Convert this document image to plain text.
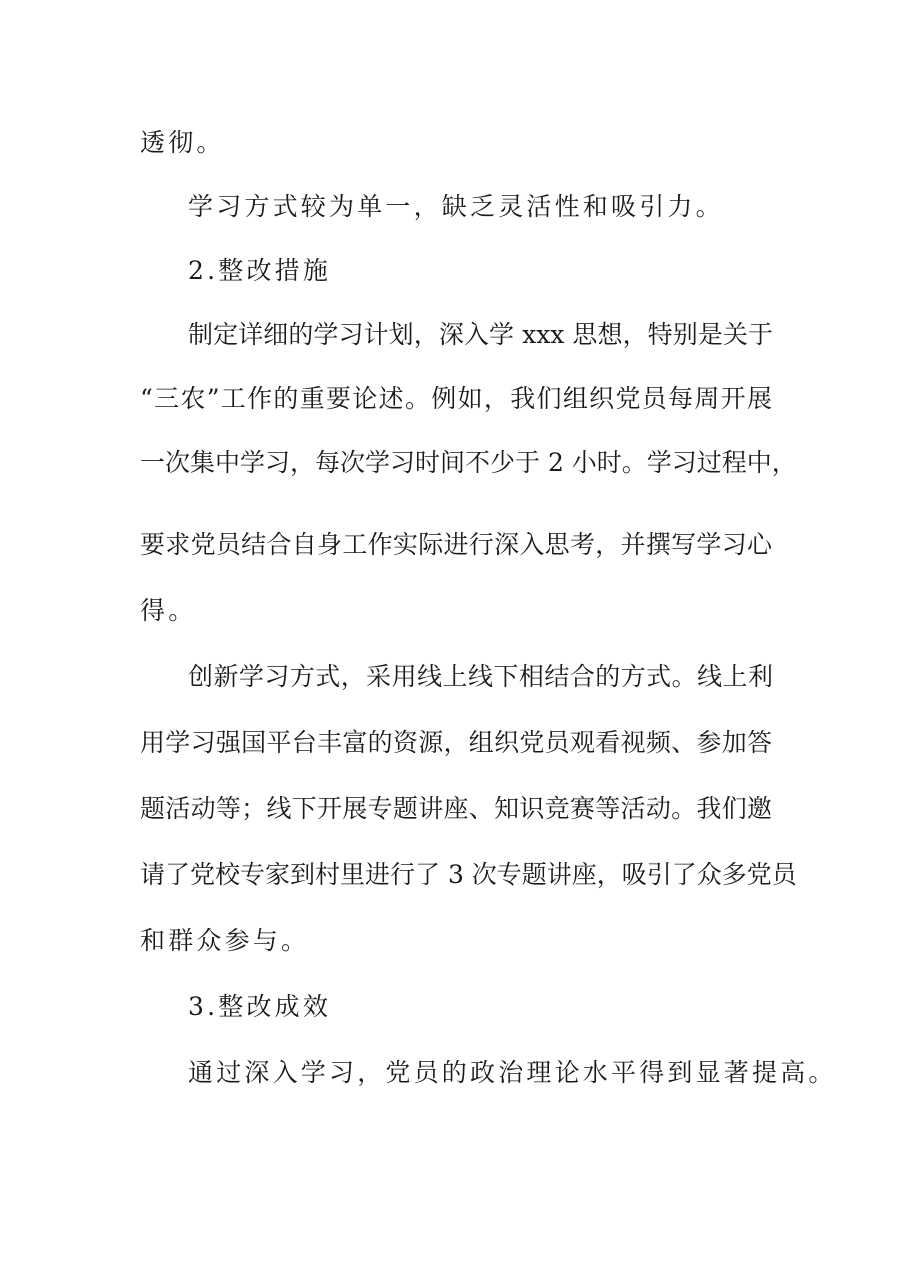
透彻。

学习方式较为单一，缺乏灵活性和吸引力。

2.整改措施

制定详细的学习计划，深入学 xxx 思想，特别是关于

“三农”工作的重要论述。例如，我们组织党员每周开展

一次集中学习，每次学习时间不少于 2 小时。学习过程中，

要求党员结合自身工作实际进行深入思考，并撰写学习心

得。

创新学习方式，采用线上线下相结合的方式。线上利

用学习强国平台丰富的资源，组织党员观看视频、参加答

题活动等；线下开展专题讲座、知识竞赛等活动。我们邀

请了党校专家到村里进行了 3 次专题讲座，吸引了众多党员

和群众参与。

3.整改成效

通过深入学习，党员的政治理论水平得到显著提高。
